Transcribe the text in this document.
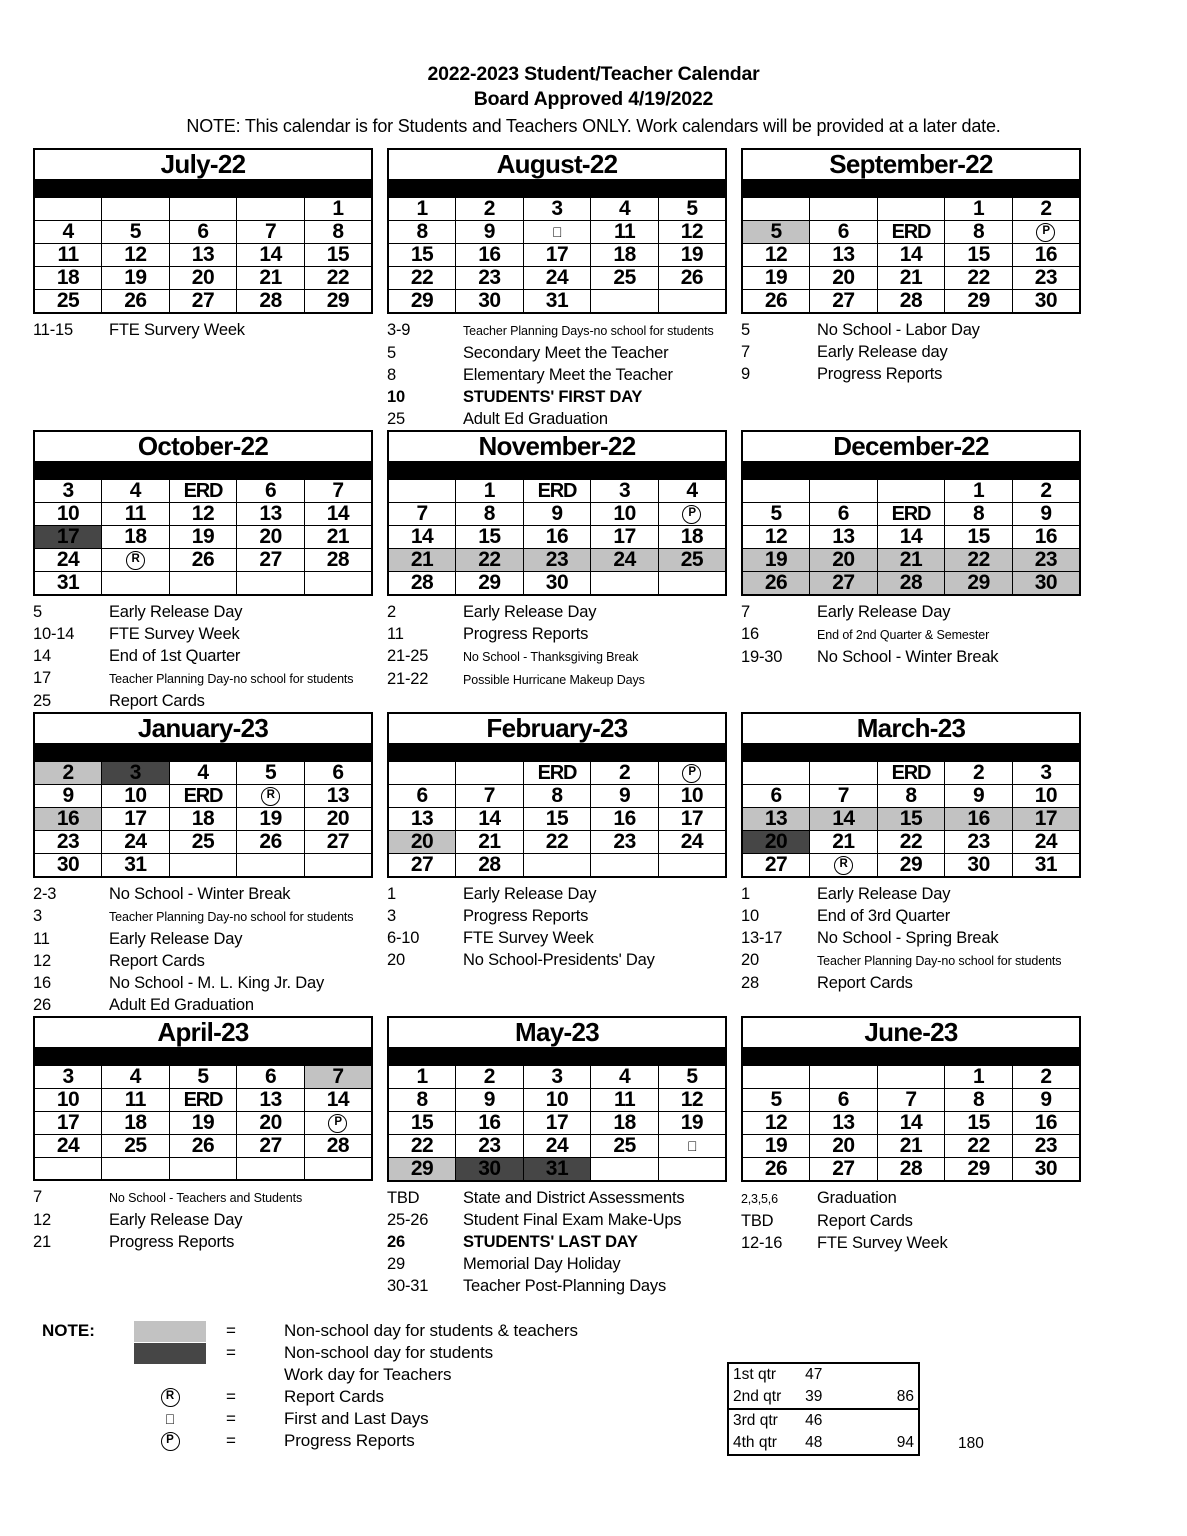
2022-2023 Student/Teacher Calendar
Board Approved 4/19/2022
NOTE: This calendar is for Students and Teachers ONLY. Work calendars will be provided at a later date.
July-22				

				1
4	5	6	7	8
11	12	13	14	15
18	19	20	21	22
25	26	27	28	29
11-15	FTE Survery Week
August-22				

1	2	3	4	5
8	9		11	12
15	16	17	18	19
22	23	24	25	26
29	30	31		
3-9	Teacher Planning Days-no school for students
5	Secondary Meet the Teacher
8	Elementary Meet the Teacher
10	STUDENTS' FIRST DAY
25	Adult Ed Graduation
September-22				

			1	2
5	6	ERD	8	P
12	13	14	15	16
19	20	21	22	23
26	27	28	29	30
5	No School - Labor Day
7	Early Release day
9	Progress Reports
October-22				

3	4	ERD	6	7
10	11	12	13	14
17	18	19	20	21
24	R	26	27	28
31				
5	Early Release Day
10-14	FTE Survey Week
14	End of 1st Quarter
17	Teacher Planning Day-no school for students
25	Report Cards
November-22				

	1	ERD	3	4
7	8	9	10	P
14	15	16	17	18
21	22	23	24	25
28	29	30		
2	Early Release Day
11	Progress Reports
21-25	No School - Thanksgiving Break
21-22	Possible Hurricane Makeup Days
December-22				

			1	2
5	6	ERD	8	9
12	13	14	15	16
19	20	21	22	23
26	27	28	29	30
7	Early Release Day
16	End of 2nd Quarter & Semester
19-30	No School - Winter Break
January-23				

2	3	4	5	6
9	10	ERD	R	13
16	17	18	19	20
23	24	25	26	27
30	31			
2-3	No School - Winter Break
3	Teacher Planning Day-no school for students
11	Early Release Day
12	Report Cards
16	No School - M. L. King Jr. Day
26	Adult Ed Graduation
February-23				

		ERD	2	P
6	7	8	9	10
13	14	15	16	17
20	21	22	23	24
27	28			
1	Early Release Day
3	Progress Reports
6-10	FTE Survey Week
20	No School-Presidents' Day
March-23				

		ERD	2	3
6	7	8	9	10
13	14	15	16	17
20	21	22	23	24
27	R	29	30	31
1	Early Release Day
10	End of 3rd Quarter
13-17	No School - Spring Break
20	Teacher Planning Day-no school for students
28	Report Cards
April-23				

3	4	5	6	7
10	11	ERD	13	14
17	18	19	20	P
24	25	26	27	28

7	No School - Teachers and Students
12	Early Release Day
21	Progress Reports
May-23				

1	2	3	4	5
8	9	10	11	12
15	16	17	18	19
22	23	24	25	
29	30	31		
TBD	State and District Assessments
25-26	Student Final Exam Make-Ups
26	STUDENTS' LAST DAY
29	Memorial Day Holiday
30-31	Teacher Post-Planning Days
June-23				

			1	2
5	6	7	8	9
12	13	14	15	16
19	20	21	22	23
26	27	28	29	30
2,3,5,6	Graduation
TBD	Report Cards
12-16	FTE Survey Week
NOTE:	=	Non-school day for students & teachers
=	Non-school day for students
Work day for Teachers
R	=	Report Cards
=	First and Last Days
P	=	Progress Reports
1st qtr	47	
2nd qtr	39	86
3rd qtr	46	
4th qtr	48	94	180
